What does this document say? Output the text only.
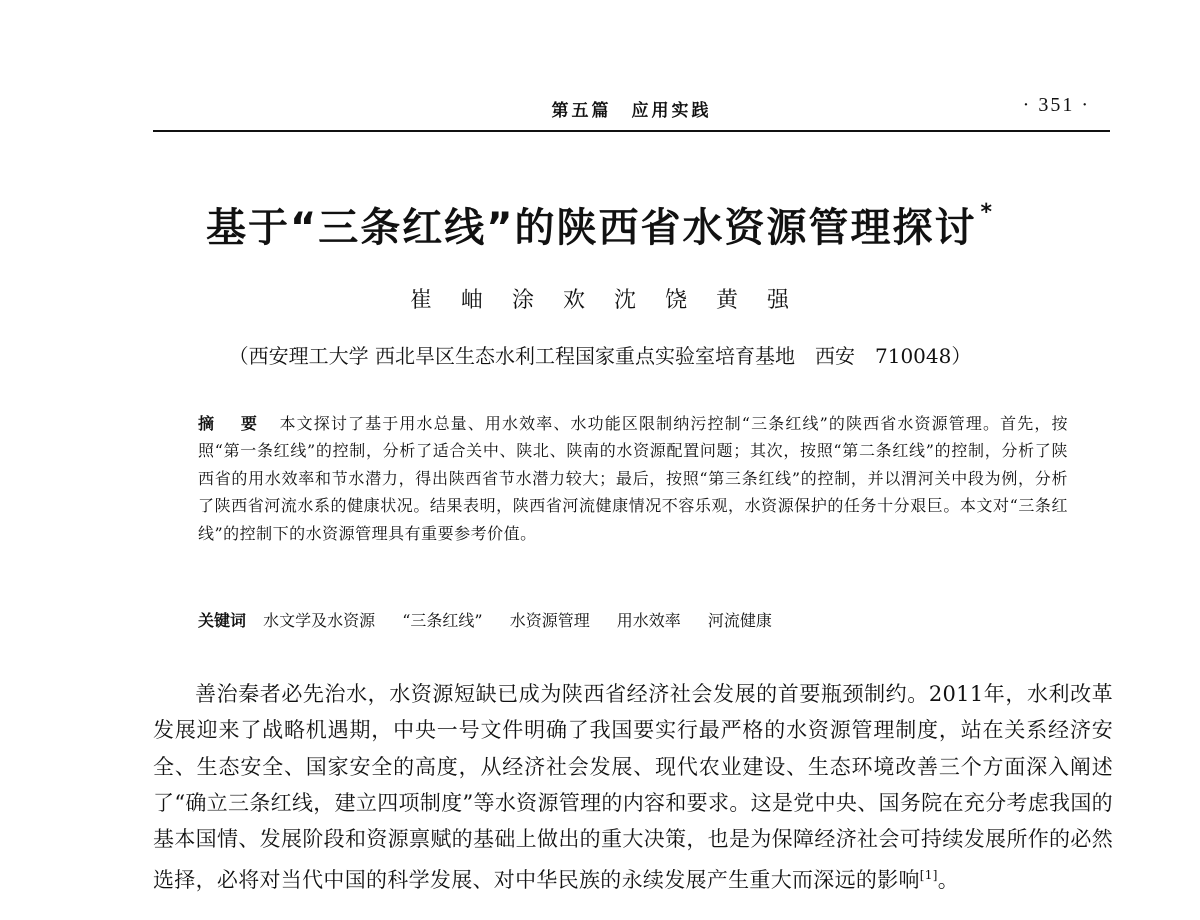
第五篇　应用实践	· 351 ·
基于“三条红线”的陕西省水资源管理探讨 *
崔 岫 涂 欢 沈 饶 黄 强
（西安理工大学 西北旱区生态水利工程国家重点实验室培育基地　西安　710048）
摘 要 本文探讨了基于用水总量、用水效率、水功能区限制纳污控制“三条红线”的陕西省水资源管理。首先，按照“第一条红线”的控制，分析了适合关中、陕北、陕南的水资源配置问题；其次，按照“第二条红线”的控制，分析了陕西省的用水效率和节水潜力，得出陕西省节水潜力较大；最后，按照“第三条红线”的控制，并以渭河关中段为例，分析了陕西省河流水系的健康状况。结果表明，陕西省河流健康情况不容乐观，水资源保护的任务十分艰巨。本文对“三条红线”的控制下的水资源管理具有重要参考价值。
关键词 水文学及水资源 “三条红线” 水资源管理 用水效率 河流健康
善治秦者必先治水，水资源短缺已成为陕西省经济社会发展的首要瓶颈制约。2011年，水利改革发展迎来了战略机遇期，中央一号文件明确了我国要实行最严格的水资源管理制度，站在关系经济安全、生态安全、国家安全的高度，从经济社会发展、现代农业建设、生态环境改善三个方面深入阐述了“确立三条红线，建立四项制度”等水资源管理的内容和要求。这是党中央、国务院在充分考虑我国的基本国情、发展阶段和资源禀赋的基础上做出的重大决策，也是为保障经济社会可持续发展所作的必然选择，必将对当代中国的科学发展、对中华民族的永续发展产生重大而深远的影响[1]。
